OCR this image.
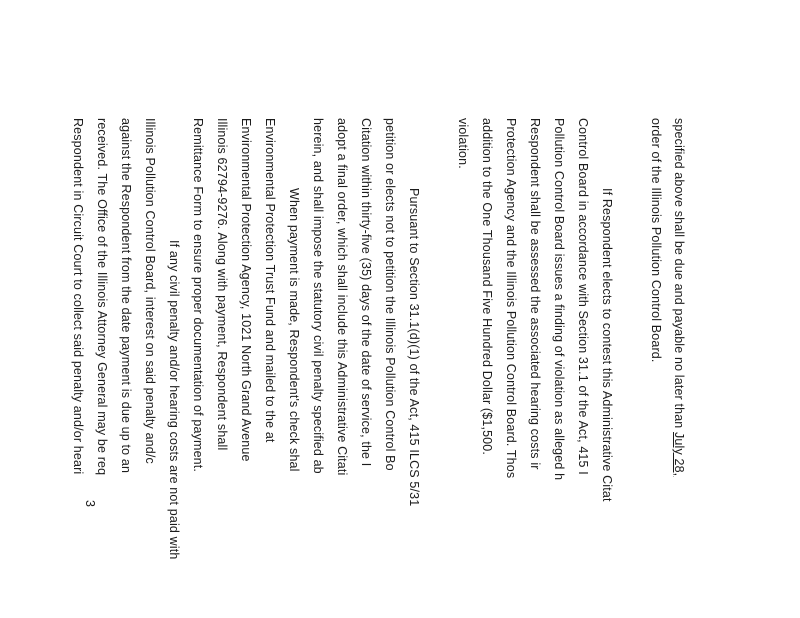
specified above shall be due and payable no later than July 28,
order of the Illinois Pollution Control Board.
If Respondent elects to contest this Administrative Citat
Control Board in accordance with Section 31.1 of the Act, 415 I
Pollution Control Board issues a finding of violation as alleged h
Respondent shall be assessed the associated hearing costs ir
Protection Agency and the Illinois Pollution Control Board. Thos
addition to the One Thousand Five Hundred Dollar ($1,500.
violation.
Pursuant to Section 31.1(d)(1) of the Act, 415 ILCS 5/31
petition or elects not to petition the Illinois Pollution Control Bo
Citation within thirty-five (35) days of the date of service, the I
adopt a final order, which shall include this Administrative Citati
herein, and shall impose the statutory civil penalty specified ab
When payment is made, Respondent's check shal
Environmental Protection Trust Fund and mailed to the at
Environmental Protection Agency, 1021 North Grand Avenue
Illinois 62794-9276. Along with payment, Respondent shall
Remittance Form to ensure proper documentation of payment.
If any civil penalty and/or hearing costs are not paid with
Illinois Pollution Control Board, interest on said penalty and/c
against the Respondent from the date payment is due up to an
received. The Office of the Illinois Attorney General may be req
Respondent in Circuit Court to collect said penalty and/or heari
3
